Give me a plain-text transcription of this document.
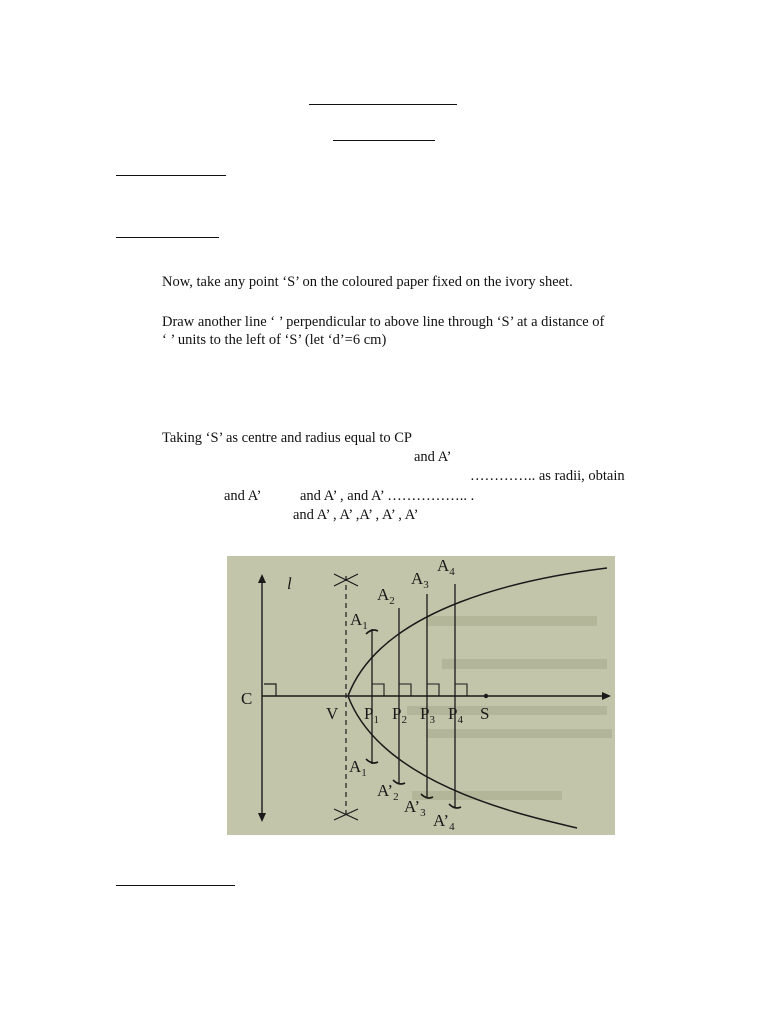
Now, take any point ‘S’ on the coloured paper fixed on the ivory sheet.
Draw another line ‘ ’ perpendicular to above line through ‘S’ at a distance of
‘ ’ units to the left of ‘S’ (let ‘d’=6 cm)
Taking ‘S’ as centre and radius equal to CP
and A’
………….. as radii, obtain
and A’	and A’ , and A’ …………….. .
and A’ , A’ ,A’ , A’ , A’
l
C
V $P_1$ $P_2$ $P_3$ $P_4$ S
$A_1$
$A_2$
$A_3$
$A_4$
$A_1$
$A’_2$ $A’_3$ $A’_4$
